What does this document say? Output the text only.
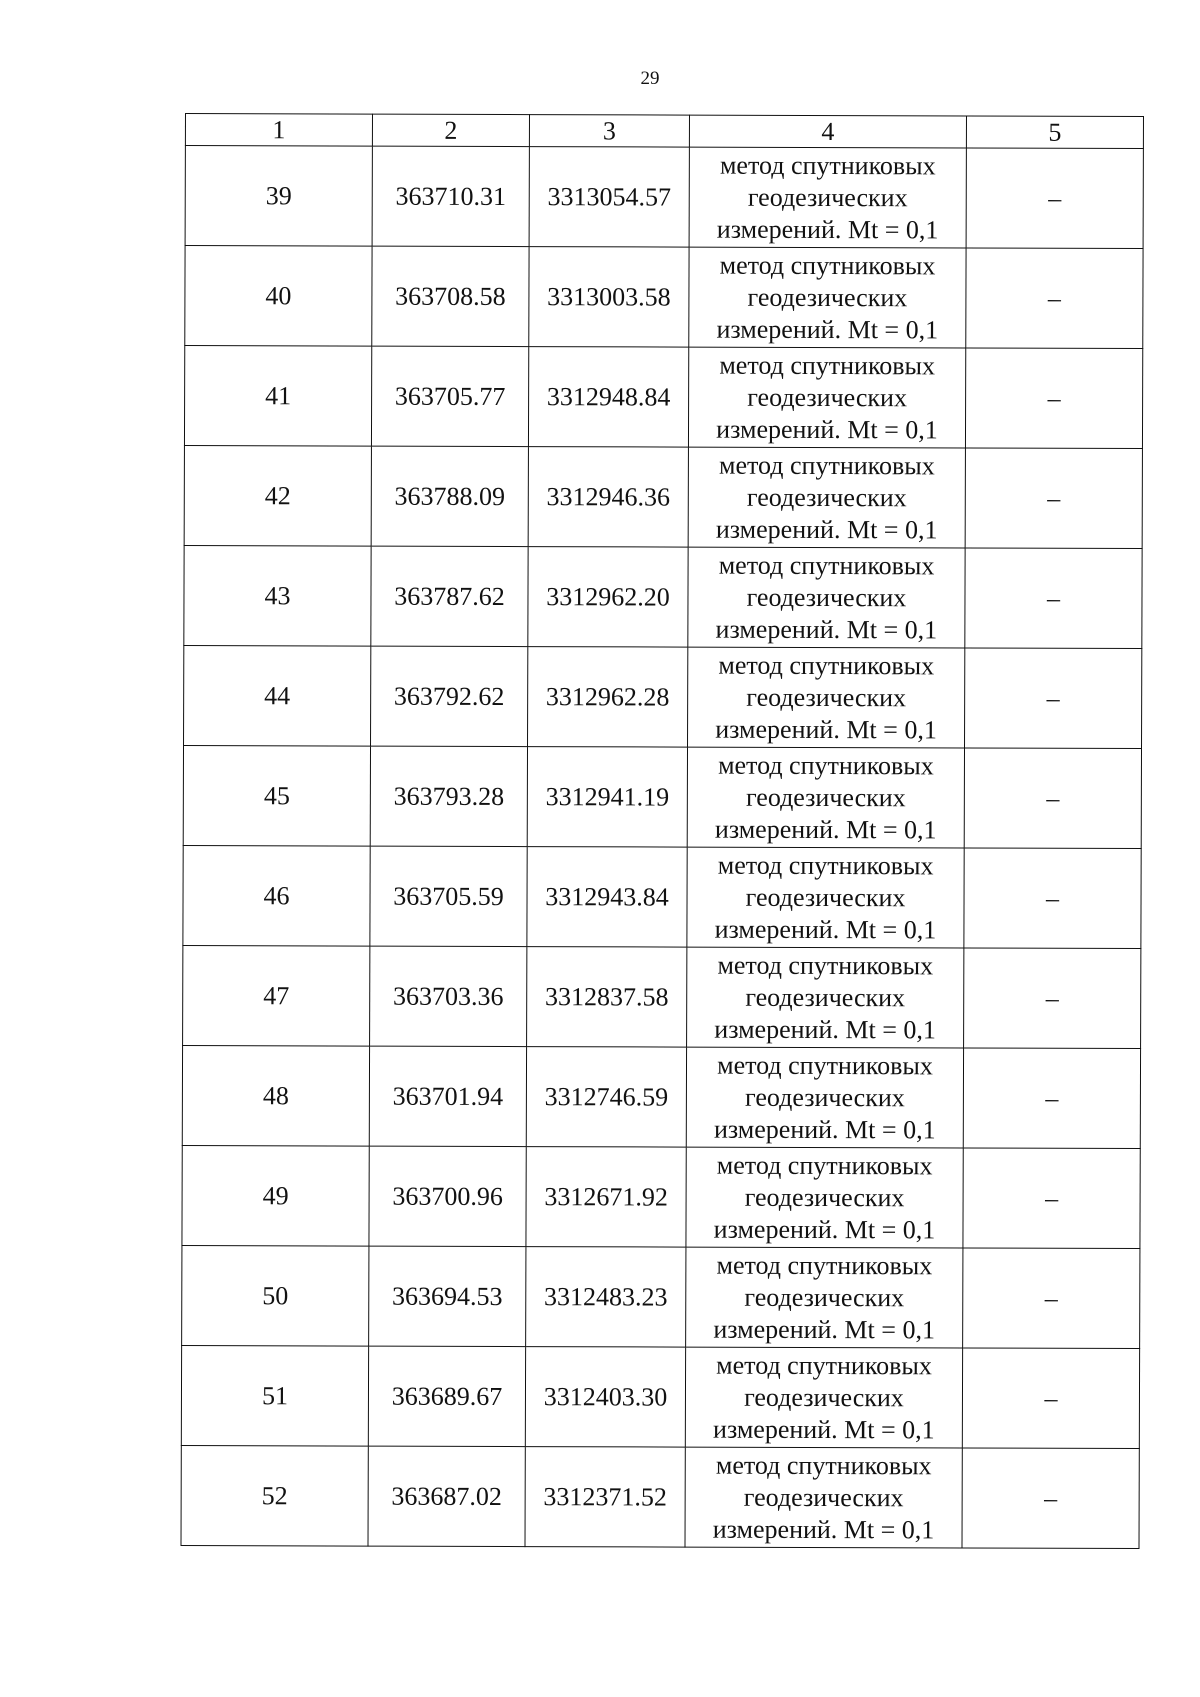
29
1	2	3	4	5
39	363710.31	3313054.57	метод спутниковых
геодезических
измерений. Mt = 0,1	–
40	363708.58	3313003.58	метод спутниковых
геодезических
измерений. Mt = 0,1	–
41	363705.77	3312948.84	метод спутниковых
геодезических
измерений. Mt = 0,1	–
42	363788.09	3312946.36	метод спутниковых
геодезических
измерений. Mt = 0,1	–
43	363787.62	3312962.20	метод спутниковых
геодезических
измерений. Mt = 0,1	–
44	363792.62	3312962.28	метод спутниковых
геодезических
измерений. Mt = 0,1	–
45	363793.28	3312941.19	метод спутниковых
геодезических
измерений. Mt = 0,1	–
46	363705.59	3312943.84	метод спутниковых
геодезических
измерений. Mt = 0,1	–
47	363703.36	3312837.58	метод спутниковых
геодезических
измерений. Mt = 0,1	–
48	363701.94	3312746.59	метод спутниковых
геодезических
измерений. Mt = 0,1	–
49	363700.96	3312671.92	метод спутниковых
геодезических
измерений. Mt = 0,1	–
50	363694.53	3312483.23	метод спутниковых
геодезических
измерений. Mt = 0,1	–
51	363689.67	3312403.30	метод спутниковых
геодезических
измерений. Mt = 0,1	–
52	363687.02	3312371.52	метод спутниковых
геодезических
измерений. Mt = 0,1	–
